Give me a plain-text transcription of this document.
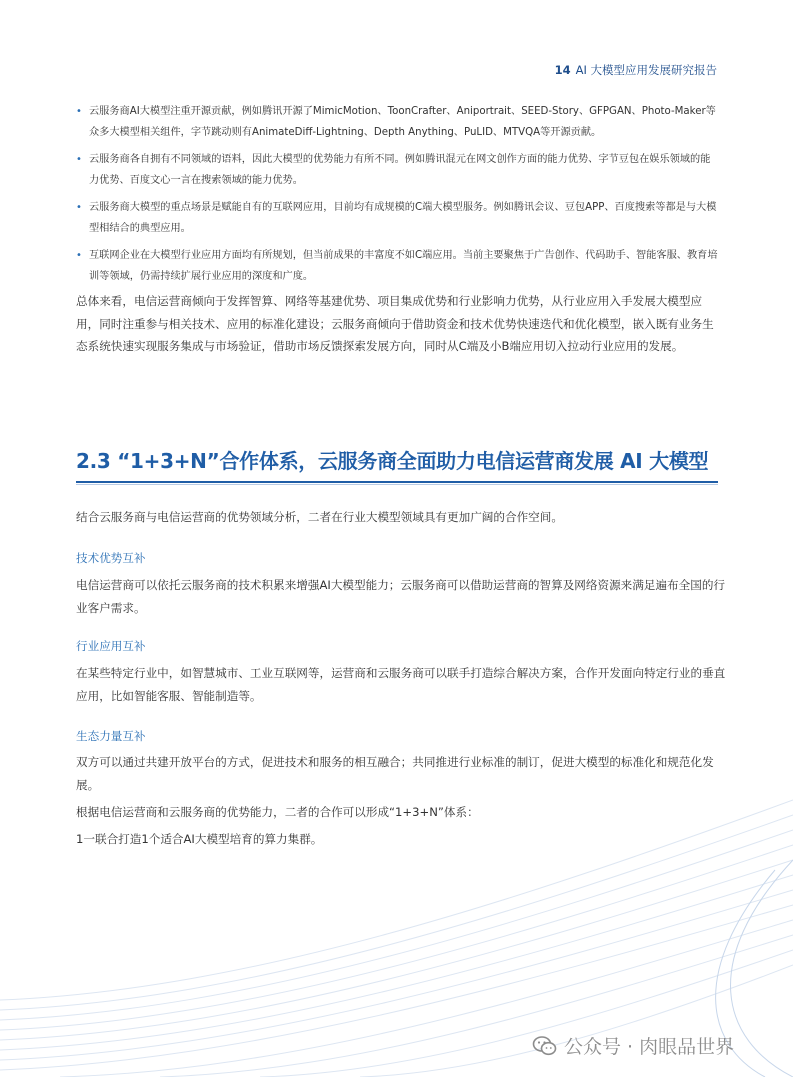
14 AI 大模型应用发展研究报告
• 云服务商AI大模型注重开源贡献，例如腾讯开源了MimicMotion、ToonCrafter、Aniportrait、SEED-Story、GFPGAN、Photo-Maker等众多大模型相关组件，字节跳动则有AnimateDiff-Lightning、Depth Anything、PuLID、MTVQA等开源贡献。
• 云服务商各自拥有不同领域的语料，因此大模型的优势能力有所不同。例如腾讯混元在网文创作方面的能力优势、字节豆包在娱乐领域的能力优势、百度文心一言在搜索领域的能力优势。
• 云服务商大模型的重点场景是赋能自有的互联网应用，目前均有成规模的C端大模型服务。例如腾讯会议、豆包APP、百度搜索等都是与大模型相结合的典型应用。
• 互联网企业在大模型行业应用方面均有所规划，但当前成果的丰富度不如C端应用。当前主要聚焦于广告创作、代码助手、智能客服、教育培训等领域，仍需持续扩展行业应用的深度和广度。

总体来看，电信运营商倾向于发挥智算、网络等基建优势、项目集成优势和行业影响力优势，从行业应用入手发展大模型应用，同时注重参与相关技术、应用的标准化建设；云服务商倾向于借助资金和技术优势快速迭代和优化模型，嵌入既有业务生态系统快速实现服务集成与市场验证，借助市场反馈探索发展方向，同时从C端及小B端应用切入拉动行业应用的发展。

2.3 “1+3+N”合作体系，云服务商全面助力电信运营商发展 AI 大模型

结合云服务商与电信运营商的优势领域分析，二者在行业大模型领域具有更加广阔的合作空间。

技术优势互补

电信运营商可以依托云服务商的技术积累来增强AI大模型能力；云服务商可以借助运营商的智算及网络资源来满足遍布全国的行业客户需求。

行业应用互补

在某些特定行业中，如智慧城市、工业互联网等，运营商和云服务商可以联手打造综合解决方案，合作开发面向特定行业的垂直应用，比如智能客服、智能制造等。

生态力量互补

双方可以通过共建开放平台的方式，促进技术和服务的相互融合；共同推进行业标准的制订，促进大模型的标准化和规范化发展。

根据电信运营商和云服务商的优势能力，二者的合作可以形成“1+3+N”体系：

1一联合打造1个适合AI大模型培育的算力集群。

公众号 · 肉眼品世界
